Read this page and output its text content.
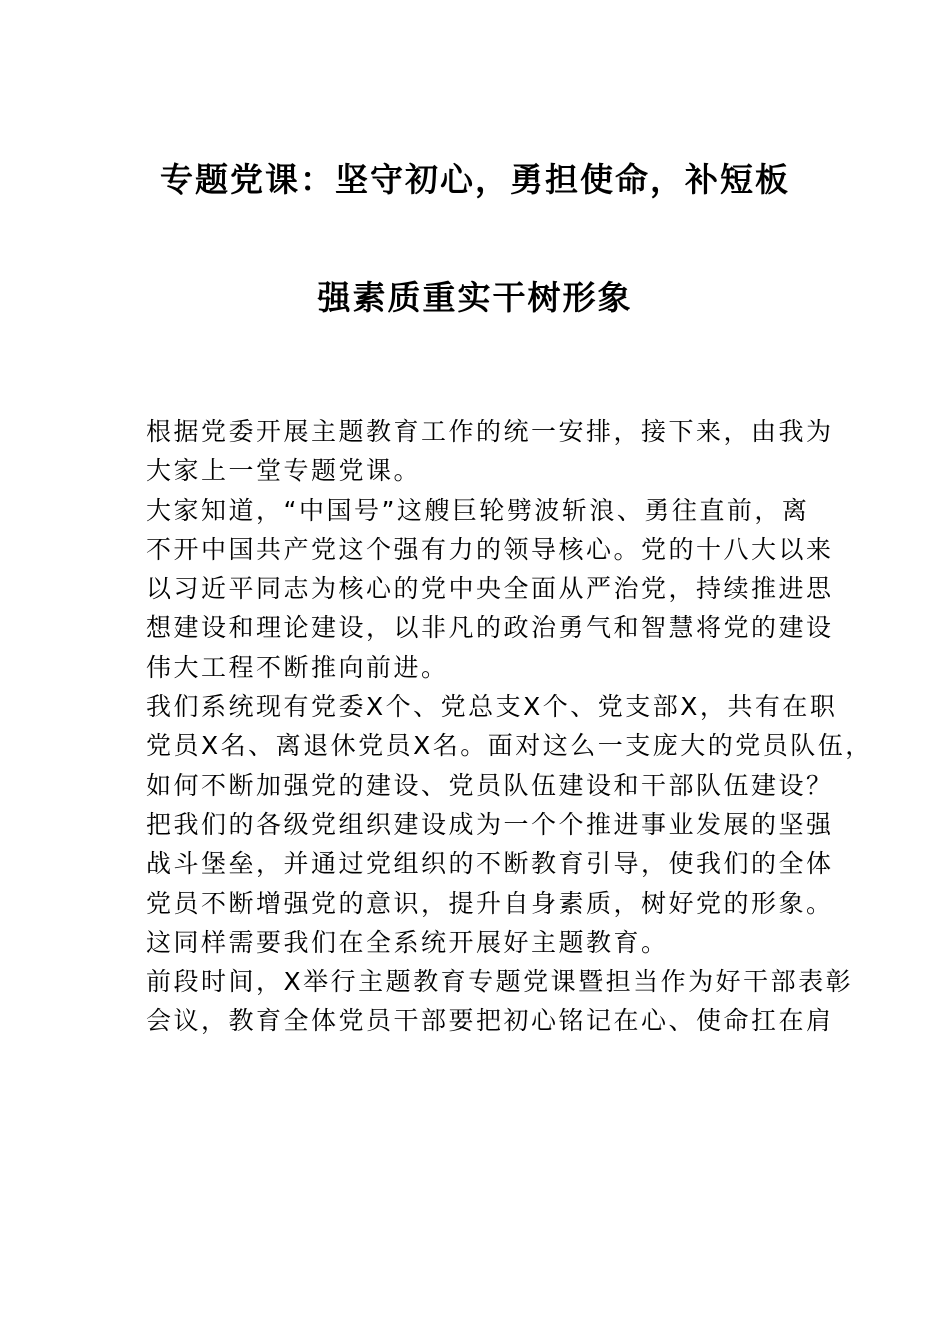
专题党课：坚守初心，勇担使命，补短板
强素质重实干树形象
根据党委开展主题教育工作的统一安排，接下来，由我为
大家上一堂专题党课。
大家知道，“中国号”这艘巨轮劈波斩浪、勇往直前，离
不开中国共产党这个强有力的领导核心。党的十八大以来
以习近平同志为核心的党中央全面从严治党，持续推进思
想建设和理论建设，以非凡的政治勇气和智慧将党的建设
伟大工程不断推向前进。
我们系统现有党委X个、党总支X个、党支部X，共有在职
党员X名、离退休党员X名。面对这么一支庞大的党员队伍，
如何不断加强党的建设、党员队伍建设和干部队伍建设？
把我们的各级党组织建设成为一个个推进事业发展的坚强
战斗堡垒，并通过党组织的不断教育引导，使我们的全体
党员不断增强党的意识，提升自身素质，树好党的形象。
这同样需要我们在全系统开展好主题教育。
前段时间，X举行主题教育专题党课暨担当作为好干部表彰
会议，教育全体党员干部要把初心铭记在心、使命扛在肩
